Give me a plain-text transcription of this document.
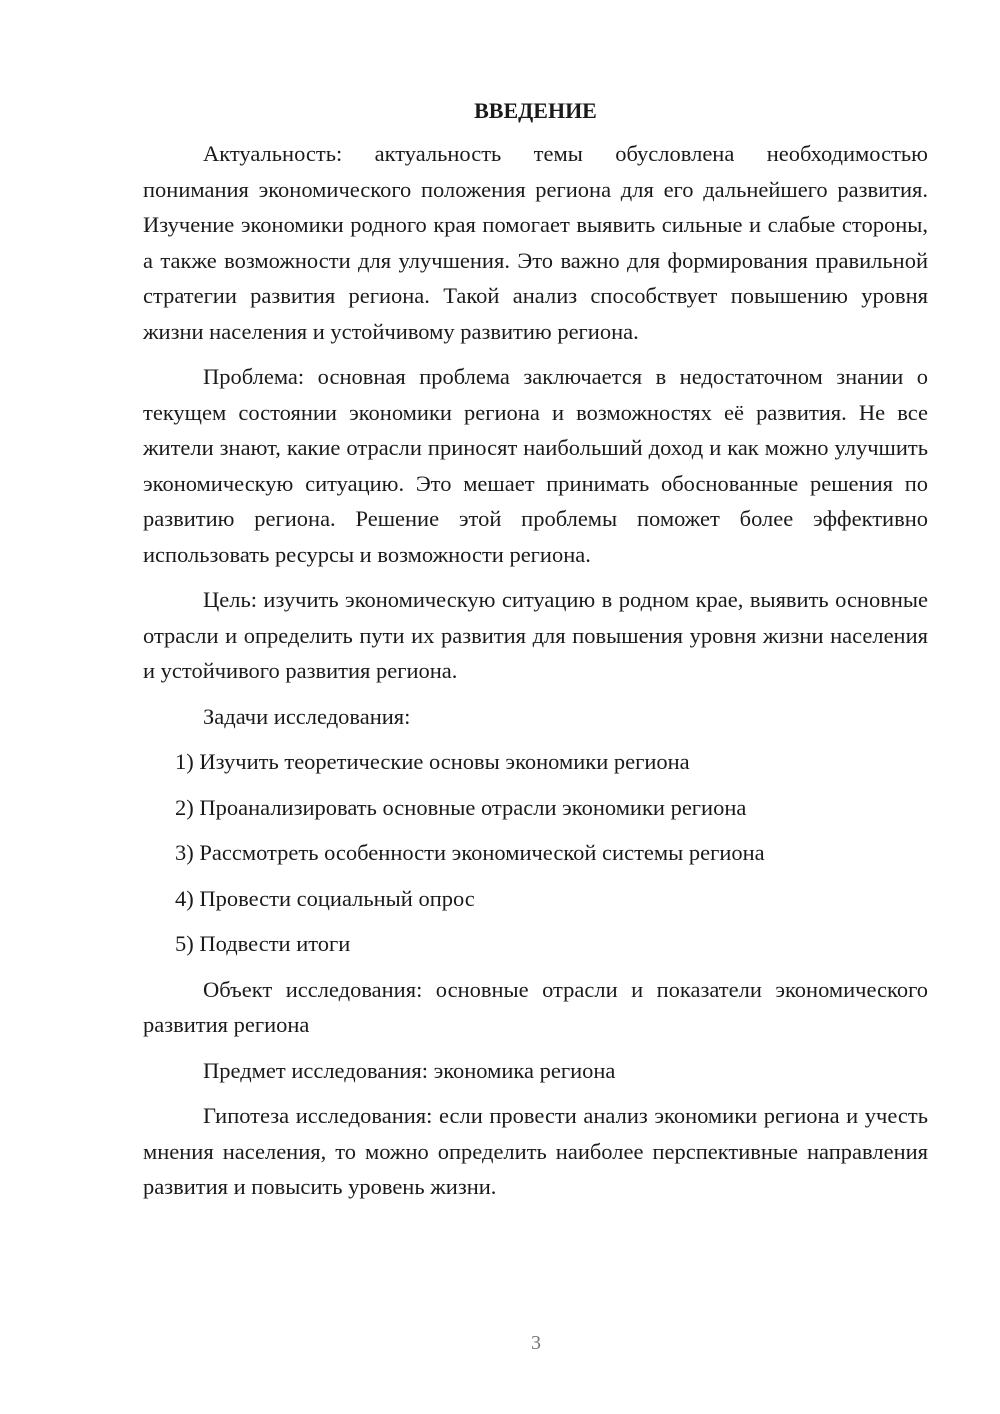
ВВЕДЕНИЕ

Актуальность: актуальность темы обусловлена необходимостью понимания экономического положения региона для его дальнейшего развития. Изучение экономики родного края помогает выявить сильные и слабые стороны, а также возможности для улучшения. Это важно для формирования правильной стратегии развития региона. Такой анализ способствует повышению уровня жизни населения и устойчивому развитию региона.

Проблема: основная проблема заключается в недостаточном знании о текущем состоянии экономики региона и возможностях её развития. Не все жители знают, какие отрасли приносят наибольший доход и как можно улучшить экономическую ситуацию. Это мешает принимать обоснованные решения по развитию региона. Решение этой проблемы поможет более эффективно использовать ресурсы и возможности региона.

Цель: изучить экономическую ситуацию в родном крае, выявить основные отрасли и определить пути их развития для повышения уровня жизни населения и устойчивого развития региона.

Задачи исследования:

1) Изучить теоретические основы экономики региона
2) Проанализировать основные отрасли экономики региона
3) Рассмотреть особенности экономической системы региона
4) Провести социальный опрос
5) Подвести итоги

Объект исследования: основные отрасли и показатели экономического развития региона

Предмет исследования: экономика региона

Гипотеза исследования: если провести анализ экономики региона и учесть мнения населения, то можно определить наиболее перспективные направления развития и повысить уровень жизни.

3
